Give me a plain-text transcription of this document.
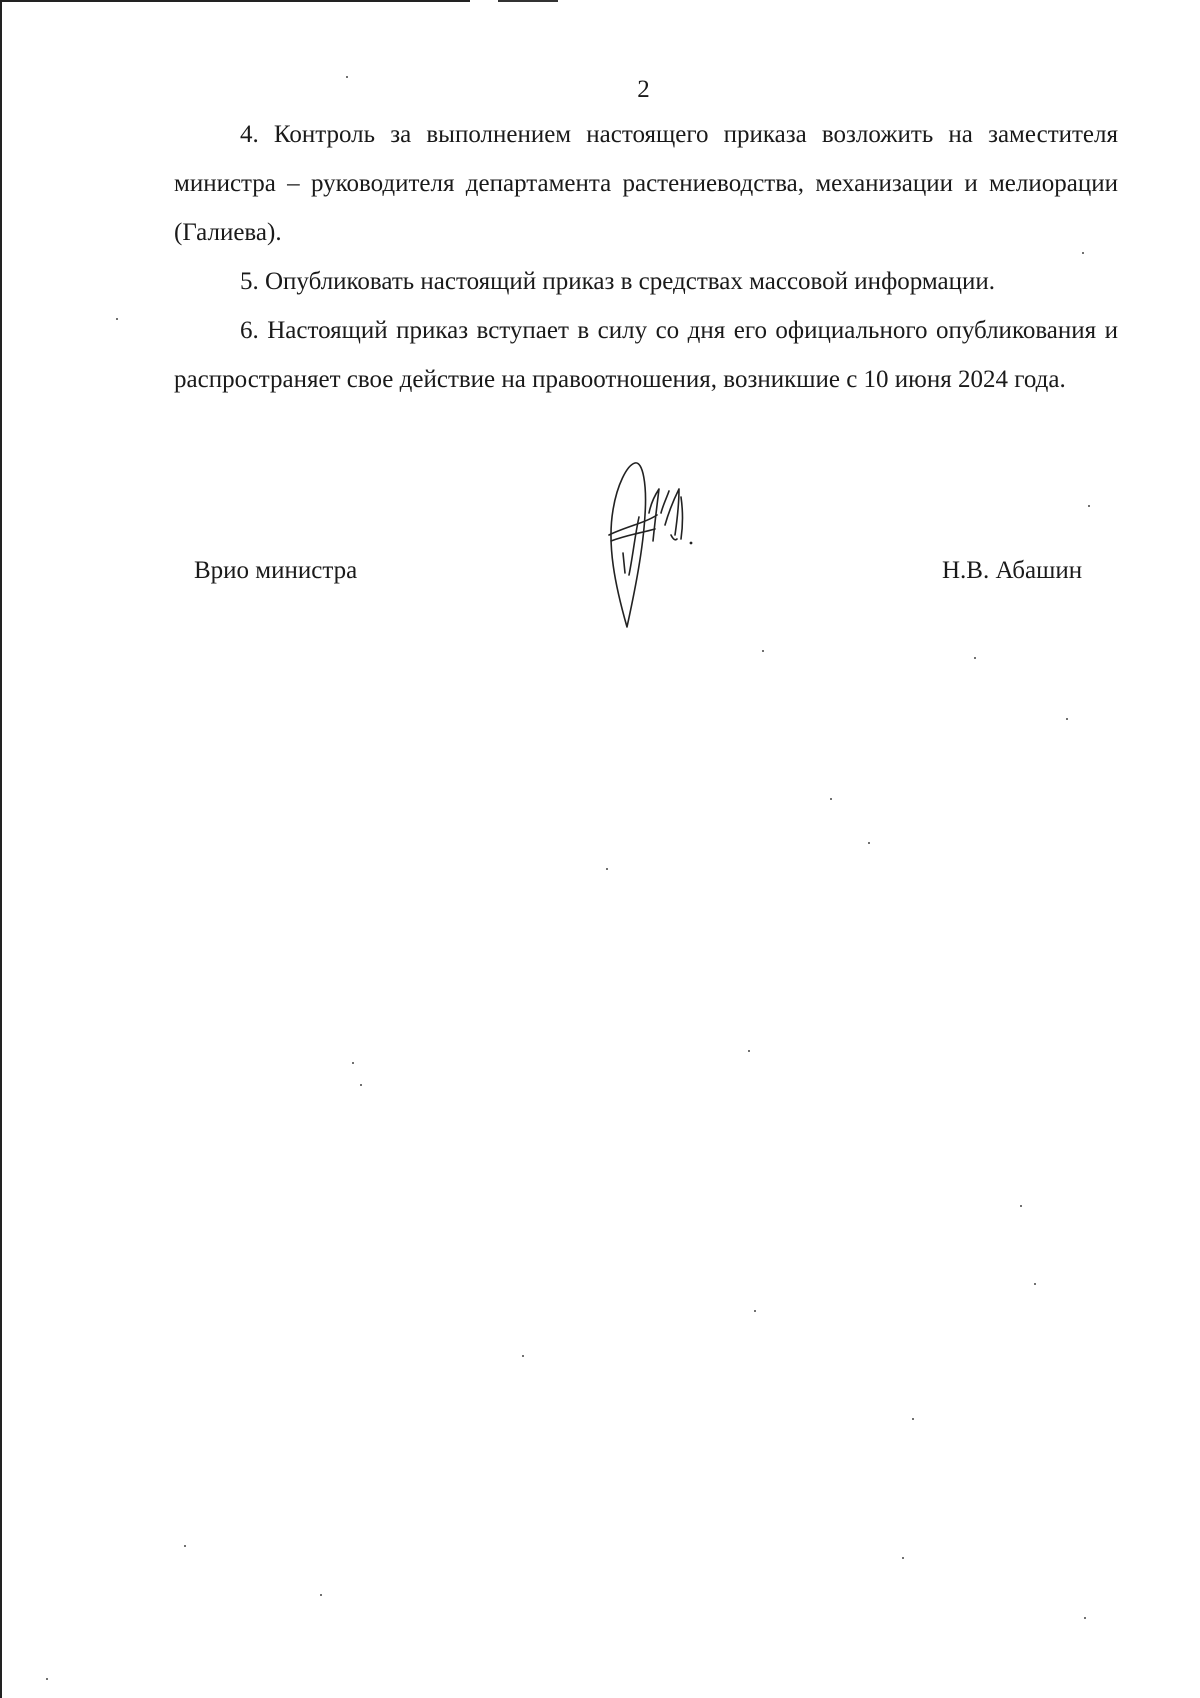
2
4. Контроль за выполнением настоящего приказа возложить на заместителя министра – руководителя департамента растениеводства, механизации и мелиорации (Галиева).
5. Опубликовать настоящий приказ в средствах массовой информации.
6. Настоящий приказ вступает в силу со дня его официального опубликования и распространяет свое действие на правоотношения, возникшие с 10 июня 2024 года.
Врио министра	Н.В. Абашин
